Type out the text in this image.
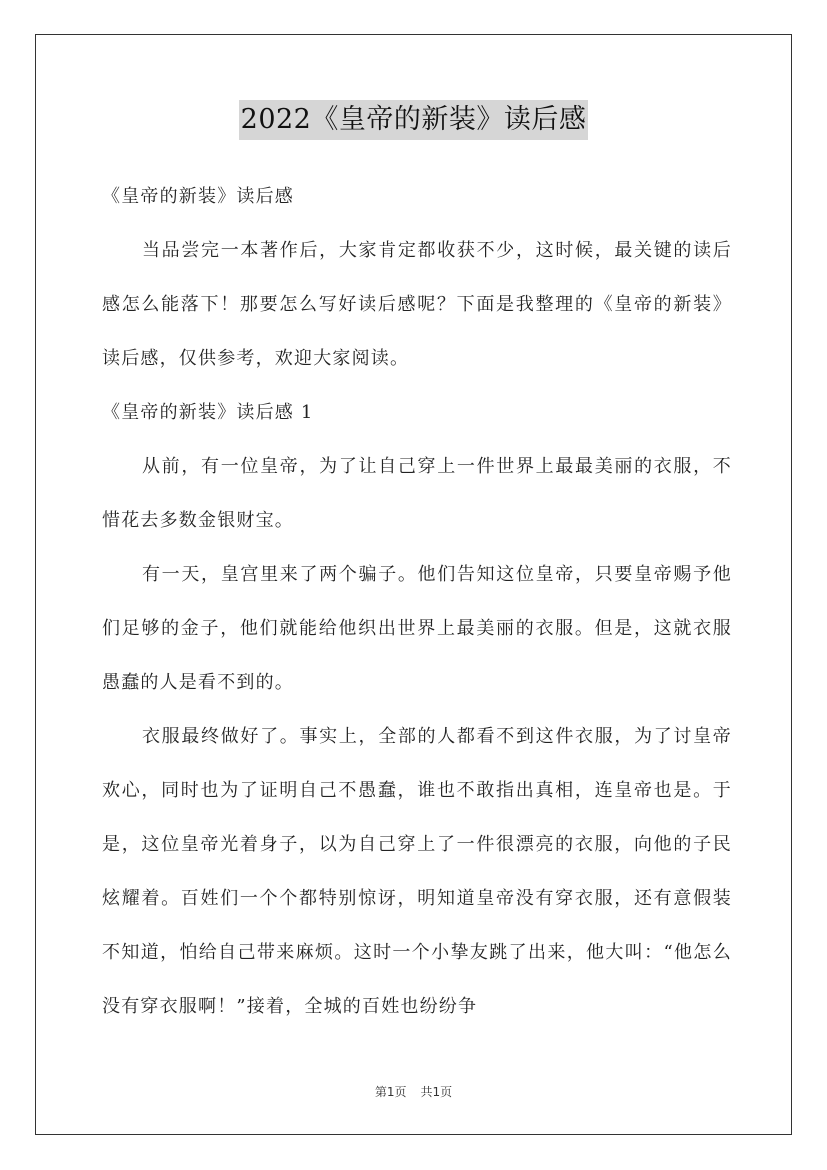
2022《皇帝的新装》读后感

《皇帝的新装》读后感

当品尝完一本著作后，大家肯定都收获不少，这时候，最关键的读后感怎么能落下！那要怎么写好读后感呢？下面是我整理的《皇帝的新装》读后感，仅供参考，欢迎大家阅读。

《皇帝的新装》读后感 1

从前，有一位皇帝，为了让自己穿上一件世界上最最美丽的衣服，不惜花去多数金银财宝。

有一天，皇宫里来了两个骗子。他们告知这位皇帝，只要皇帝赐予他们足够的金子，他们就能给他织出世界上最美丽的衣服。但是，这就衣服愚蠢的人是看不到的。

衣服最终做好了。事实上，全部的人都看不到这件衣服，为了讨皇帝欢心，同时也为了证明自己不愚蠢，谁也不敢指出真相，连皇帝也是。于是，这位皇帝光着身子，以为自己穿上了一件很漂亮的衣服，向他的子民炫耀着。百姓们一个个都特别惊讶，明知道皇帝没有穿衣服，还有意假装不知道，怕给自己带来麻烦。这时一个小挚友跳了出来，他大叫：“他怎么没有穿衣服啊！”接着，全城的百姓也纷纷争

第1页 共1页
